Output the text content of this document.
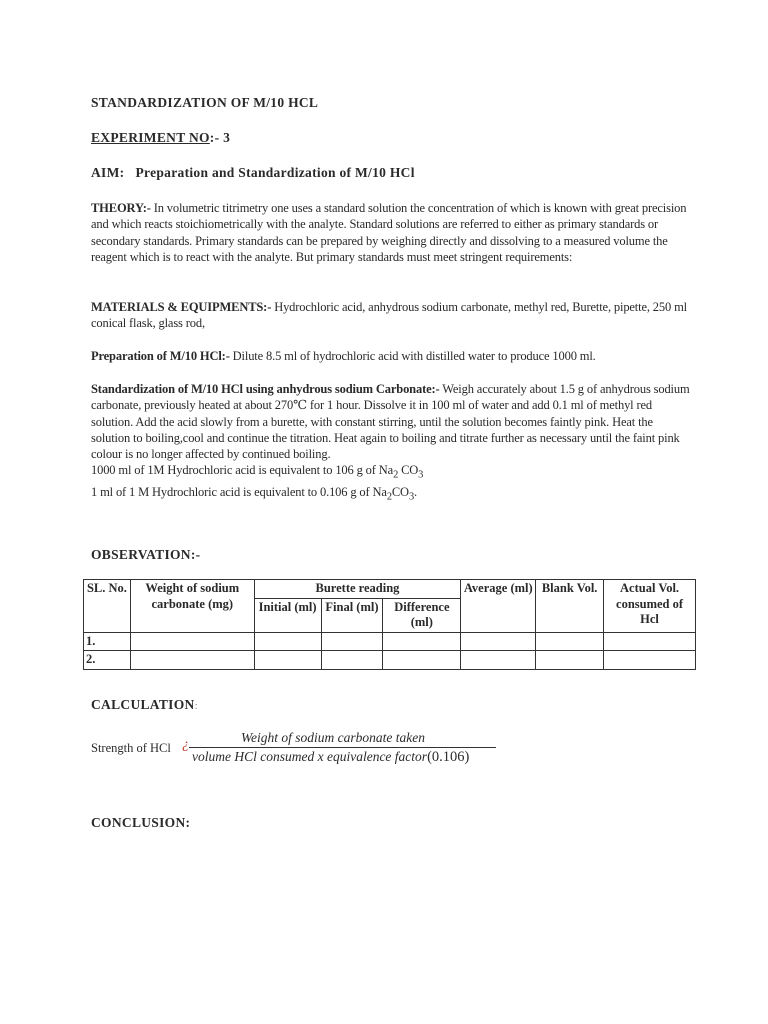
STANDARDIZATION OF M/10 HCL
EXPERIMENT NO:- 3
AIM: Preparation and Standardization of M/10 HCl
THEORY:- In volumetric titrimetry one uses a standard solution the concentration of which is known with great precision and which reacts stoichiometrically with the analyte. Standard solutions are referred to either as primary standards or secondary standards. Primary standards can be prepared by weighing directly and dissolving to a measured volume the reagent which is to react with the analyte. But primary standards must meet stringent requirements:
MATERIALS & EQUIPMENTS:- Hydrochloric acid, anhydrous sodium carbonate, methyl red, Burette, pipette, 250 ml conical flask, glass rod,
Preparation of M/10 HCl:- Dilute 8.5 ml of hydrochloric acid with distilled water to produce 1000 ml.
Standardization of M/10 HCl using anhydrous sodium Carbonate:- Weigh accurately about 1.5 g of anhydrous sodium carbonate, previously heated at about 270℃ for 1 hour. Dissolve it in 100 ml of water and add 0.1 ml of methyl red solution. Add the acid slowly from a burette, with constant stirring, until the solution becomes faintly pink. Heat the solution to boiling,cool and continue the titration. Heat again to boiling and titrate further as necessary until the faint pink colour is no longer affected by continued boiling.
1000 ml of 1M Hydrochloric acid is equivalent to 106 g of $Na_2$ $CO_3$
1 ml of 1 M Hydrochloric acid is equivalent to 0.106 g of $Na_2CO_3$.
OBSERVATION:-
SL. No.	Weight of sodium carbonate (mg)	Burette reading			Average (ml)	Blank Vol.	Actual Vol. consumed of Hcl
		Initial (ml)	Final (ml)	Difference (ml)			
1.							
2.							
CALCULATION:
Strength of HCl ¿	Weight of sodium carbonate taken
volume HCl consumed x equivalence factor(0.106)
CONCLUSION:
